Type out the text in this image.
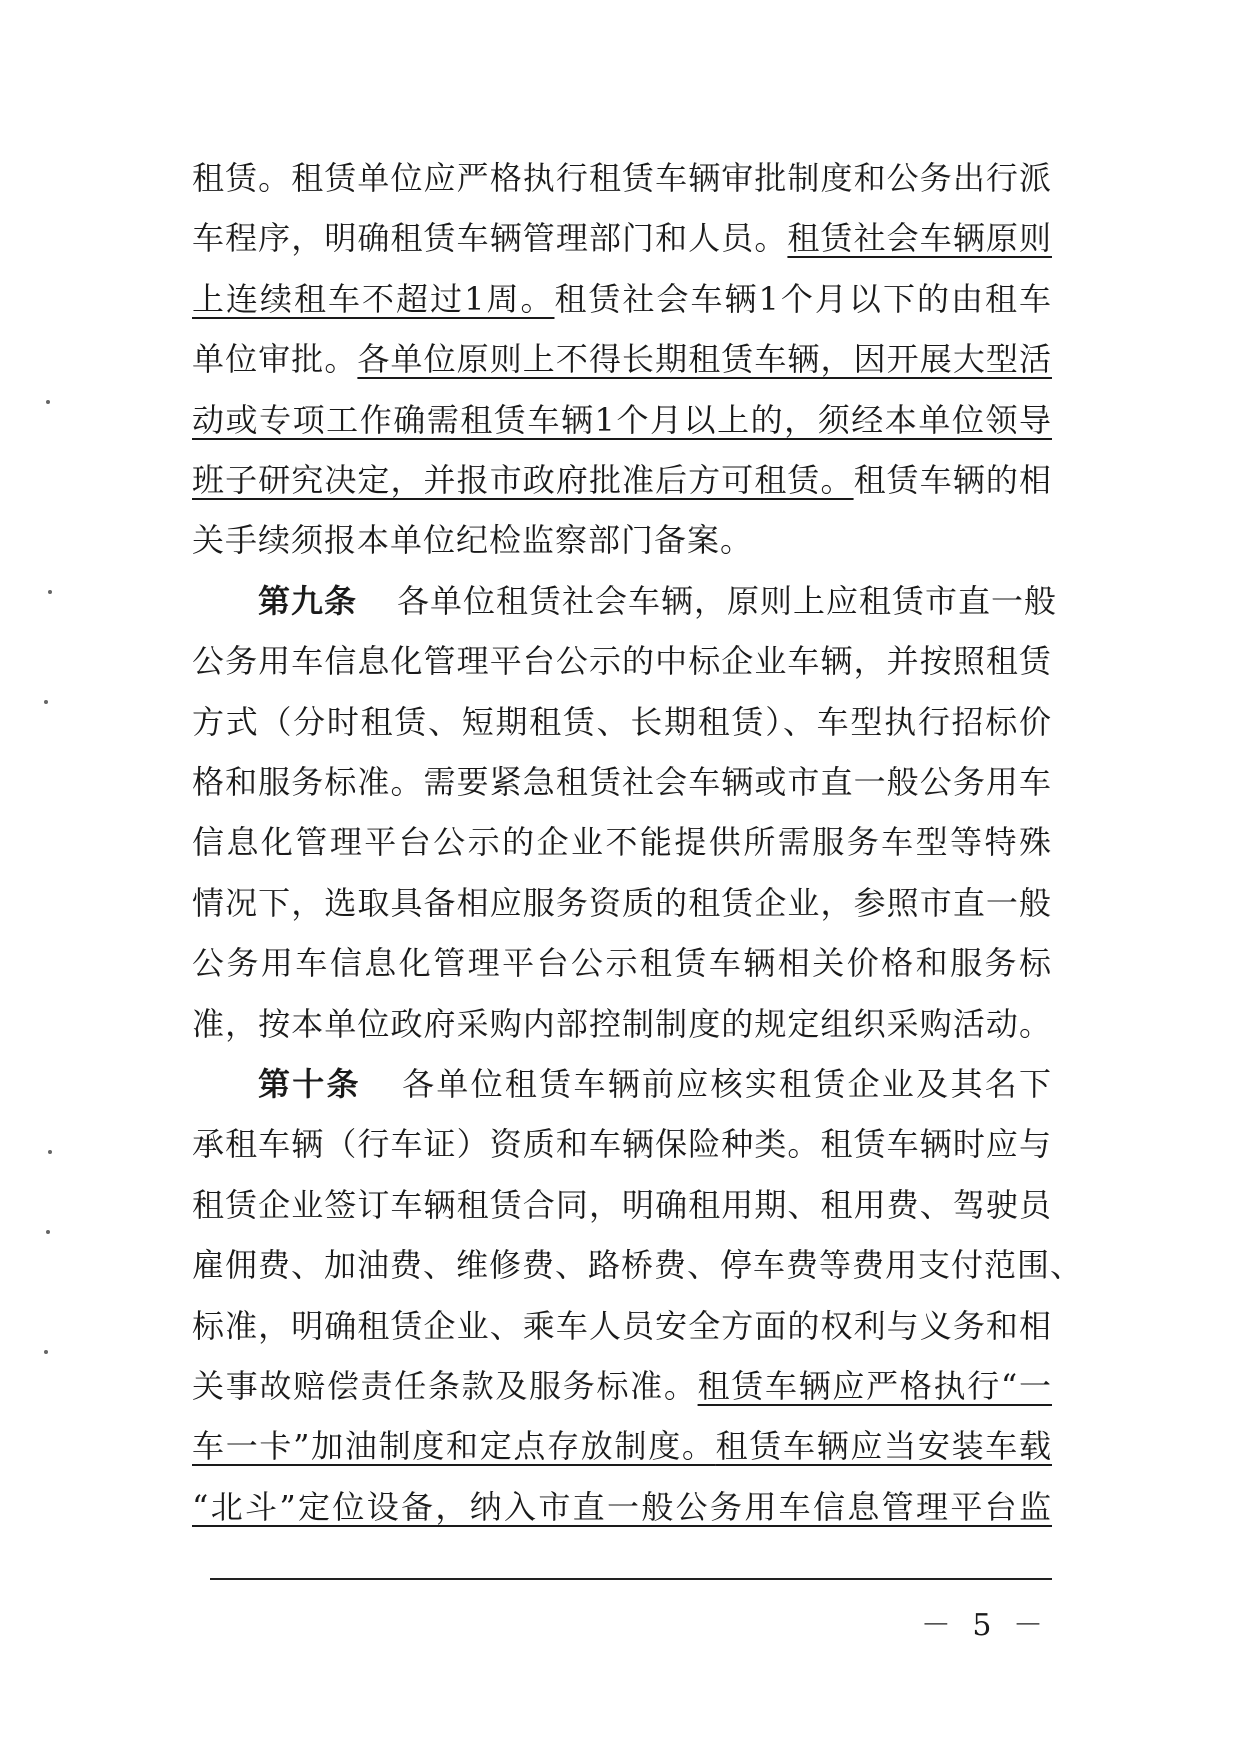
租赁。租赁单位应严格执行租赁车辆审批制度和公务出行派
车程序，明确租赁车辆管理部门和人员。租赁社会车辆原则
上连续租车不超过1周。租赁社会车辆1个月以下的由租车
单位审批。各单位原则上不得长期租赁车辆，因开展大型活
动或专项工作确需租赁车辆1个月以上的，须经本单位领导
班子研究决定，并报市政府批准后方可租赁。租赁车辆的相
关手续须报本单位纪检监察部门备案。
第九条 各单位租赁社会车辆，原则上应租赁市直一般
公务用车信息化管理平台公示的中标企业车辆，并按照租赁
方式（分时租赁、短期租赁、长期租赁）、车型执行招标价
格和服务标准。需要紧急租赁社会车辆或市直一般公务用车
信息化管理平台公示的企业不能提供所需服务车型等特殊
情况下，选取具备相应服务资质的租赁企业，参照市直一般
公务用车信息化管理平台公示租赁车辆相关价格和服务标
准，按本单位政府采购内部控制制度的规定组织采购活动。
第十条 各单位租赁车辆前应核实租赁企业及其名下
承租车辆（行车证）资质和车辆保险种类。租赁车辆时应与
租赁企业签订车辆租赁合同，明确租用期、租用费、驾驶员
雇佣费、加油费、维修费、路桥费、停车费等费用支付范围、
标准，明确租赁企业、乘车人员安全方面的权利与义务和相
关事故赔偿责任条款及服务标准。租赁车辆应严格执行“一
车一卡”加油制度和定点存放制度。租赁车辆应当安装车载
“北斗”定位设备，纳入市直一般公务用车信息管理平台监
－ 5 －
